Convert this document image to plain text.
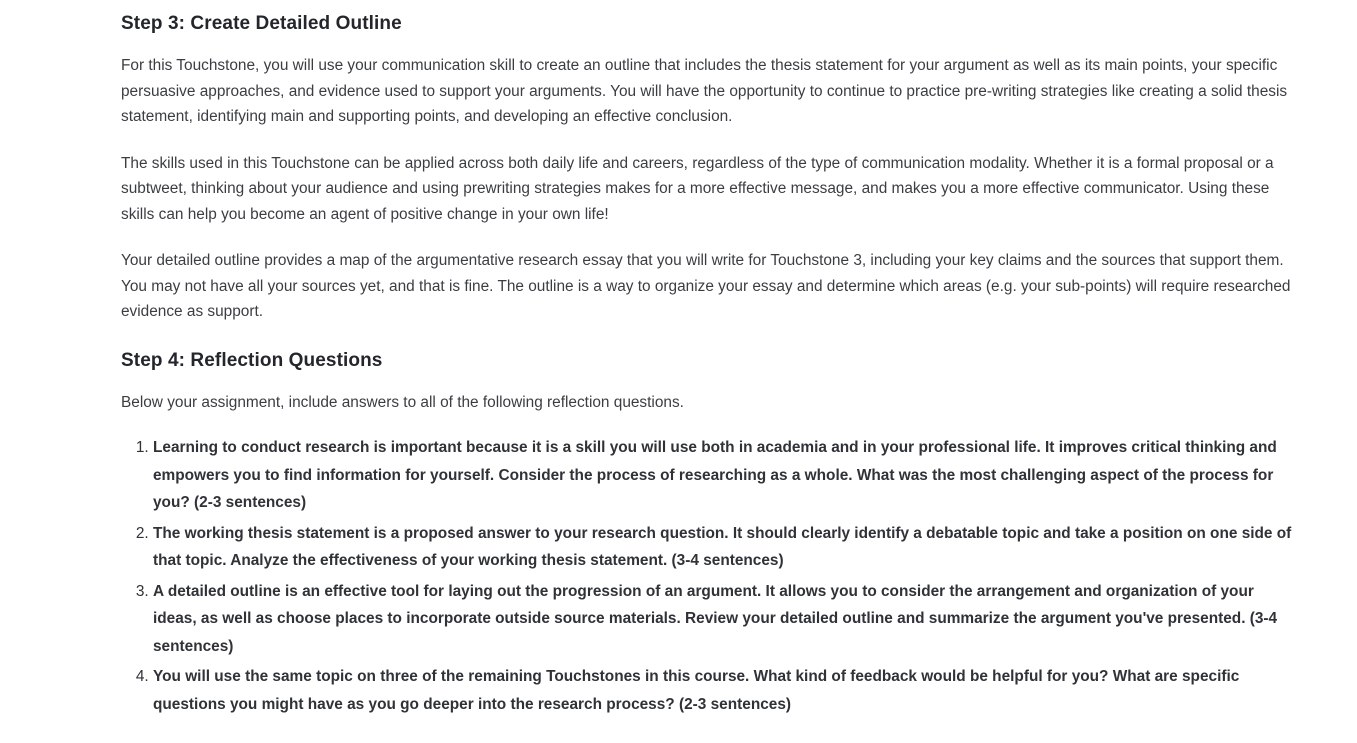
Step 3: Create Detailed Outline

For this Touchstone, you will use your communication skill to create an outline that includes the thesis statement for your argument as well as its main points, your specific persuasive approaches, and evidence used to support your arguments. You will have the opportunity to continue to practice pre-writing strategies like creating a solid thesis statement, identifying main and supporting points, and developing an effective conclusion.

The skills used in this Touchstone can be applied across both daily life and careers, regardless of the type of communication modality. Whether it is a formal proposal or a subtweet, thinking about your audience and using prewriting strategies makes for a more effective message, and makes you a more effective communicator. Using these skills can help you become an agent of positive change in your own life!

Your detailed outline provides a map of the argumentative research essay that you will write for Touchstone 3, including your key claims and the sources that support them. You may not have all your sources yet, and that is fine. The outline is a way to organize your essay and determine which areas (e.g. your sub-points) will require researched evidence as support.

Step 4: Reflection Questions

Below your assignment, include answers to all of the following reflection questions.

1. Learning to conduct research is important because it is a skill you will use both in academia and in your professional life. It improves critical thinking and empowers you to find information for yourself. Consider the process of researching as a whole. What was the most challenging aspect of the process for you? (2-3 sentences)
2. The working thesis statement is a proposed answer to your research question. It should clearly identify a debatable topic and take a position on one side of that topic. Analyze the effectiveness of your working thesis statement. (3-4 sentences)
3. A detailed outline is an effective tool for laying out the progression of an argument. It allows you to consider the arrangement and organization of your ideas, as well as choose places to incorporate outside source materials. Review your detailed outline and summarize the argument you've presented. (3-4 sentences)
4. You will use the same topic on three of the remaining Touchstones in this course. What kind of feedback would be helpful for you? What are specific questions you might have as you go deeper into the research process? (2-3 sentences)
